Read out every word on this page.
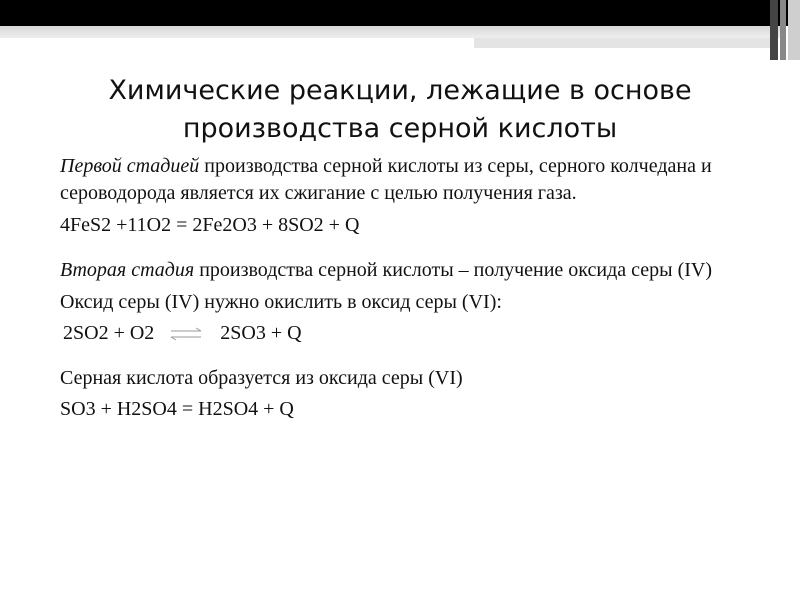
Химические реакции, лежащие в основе
производства серной кислоты

Первой стадией производства серной кислоты из серы, серного колчедана и сероводорода является их сжигание с целью получения газа.

4FeS2 +11O2 = 2Fe2O3 + 8SO2 + Q

Вторая стадия производства серной кислоты – получение оксида серы (IV)

Оксид серы (IV) нужно окислить в оксид серы (VI):

2SO2 + O2 ⇌ 2SO3 + Q

Серная кислота образуется из оксида серы (VI)

SO3 + H2SO4 = H2SO4 + Q
